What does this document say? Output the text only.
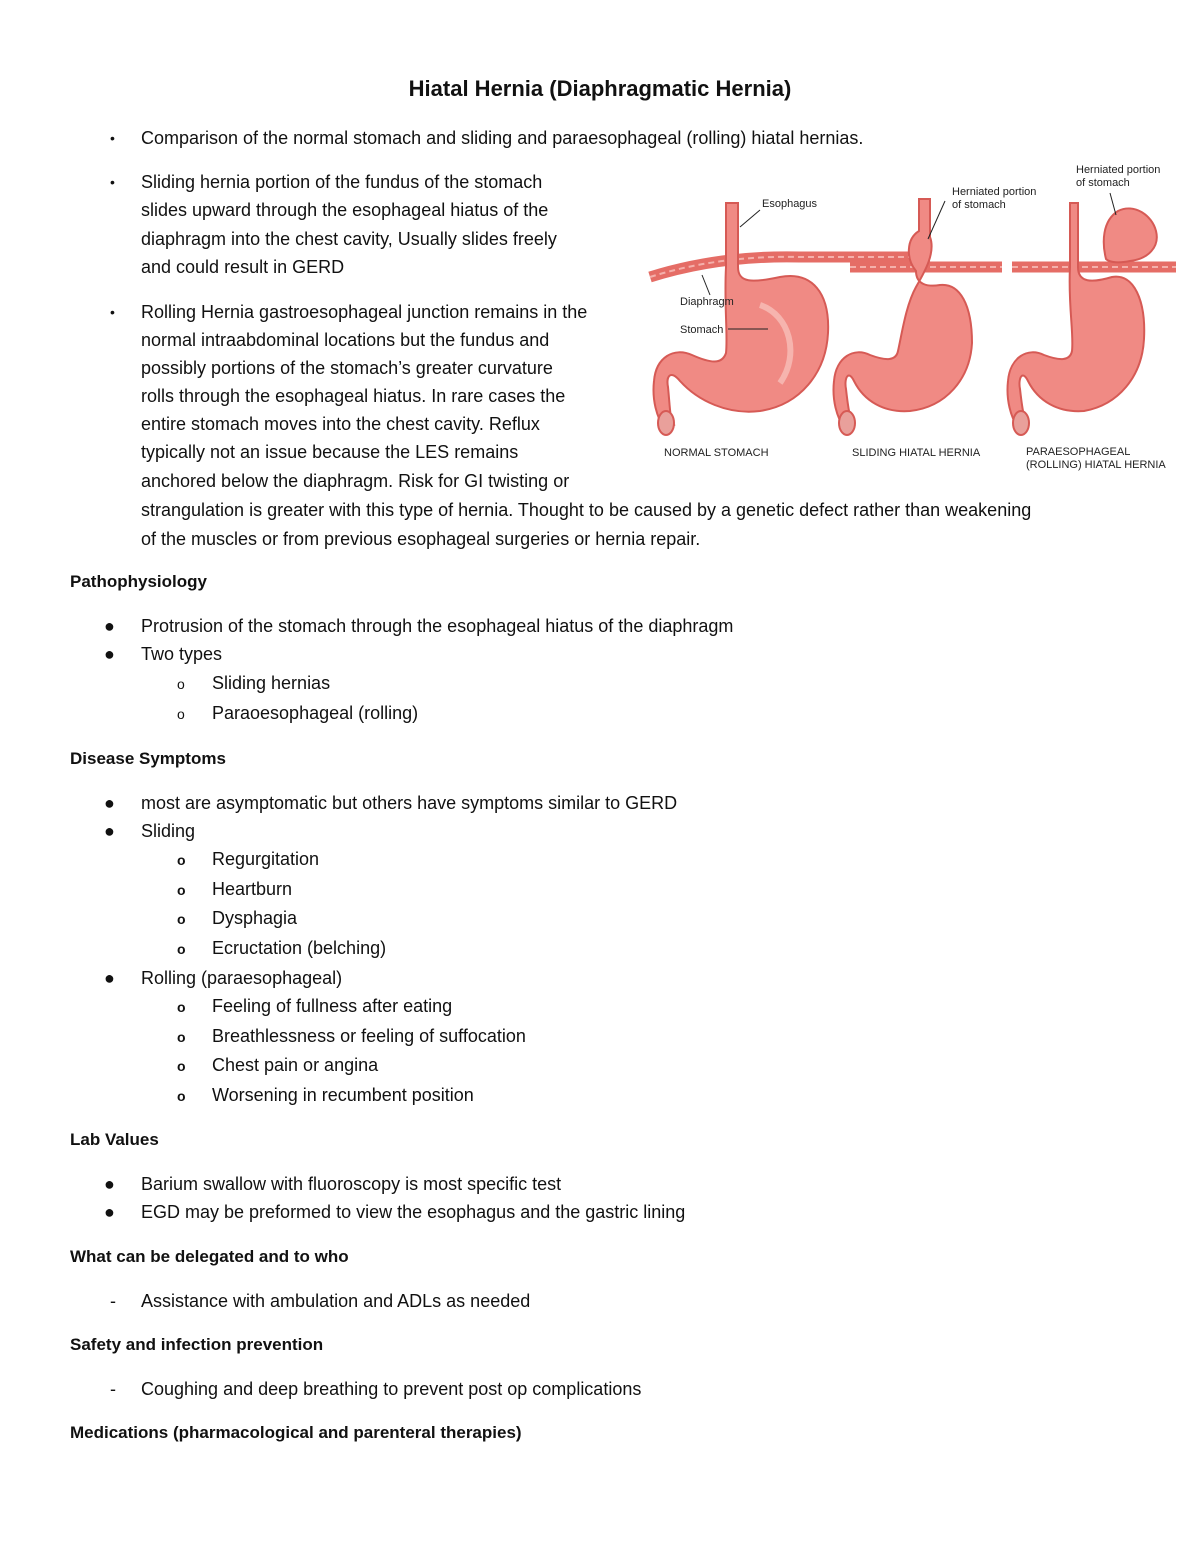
Hiatal Hernia (Diaphragmatic Hernia)
• Comparison of the normal stomach and sliding and paraesophageal (rolling) hiatal hernias.
• Sliding hernia portion of the fundus of the stomach
slides upward through the esophageal hiatus of the
diaphragm into the chest cavity, Usually slides freely
and could result in GERD
• Rolling Hernia gastroesophageal junction remains in the
normal intraabdominal locations but the fundus and
possibly portions of the stomach’s greater curvature
rolls through the esophageal hiatus. In rare cases the
entire stomach moves into the chest cavity. Reflux
typically not an issue because the LES remains
anchored below the diaphragm. Risk for GI twisting or
strangulation is greater with this type of hernia. Thought to be caused by a genetic defect rather than weakening
of the muscles or from previous esophageal surgeries or hernia repair.
Esophagus
Diaphragm
Stomach
NORMAL STOMACH
Herniated portion
of stomach
SLIDING HIATAL HERNIA
Herniated portion
of stomach
PARAESOPHAGEAL
(ROLLING) HIATAL HERNIA
Pathophysiology
● Protrusion of the stomach through the esophageal hiatus of the diaphragm
● Two types
o Sliding hernias
o Paraoesophageal (rolling)
Disease Symptoms
● most are asymptomatic but others have symptoms similar to GERD
● Sliding
o Regurgitation
o Heartburn
o Dysphagia
o Ecructation (belching)
● Rolling (paraesophageal)
o Feeling of fullness after eating
o Breathlessness or feeling of suffocation
o Chest pain or angina
o Worsening in recumbent position
Lab Values
● Barium swallow with fluoroscopy is most specific test
● EGD may be preformed to view the esophagus and the gastric lining
What can be delegated and to who
- Assistance with ambulation and ADLs as needed
Safety and infection prevention
- Coughing and deep breathing to prevent post op complications
Medications (pharmacological and parenteral therapies)
